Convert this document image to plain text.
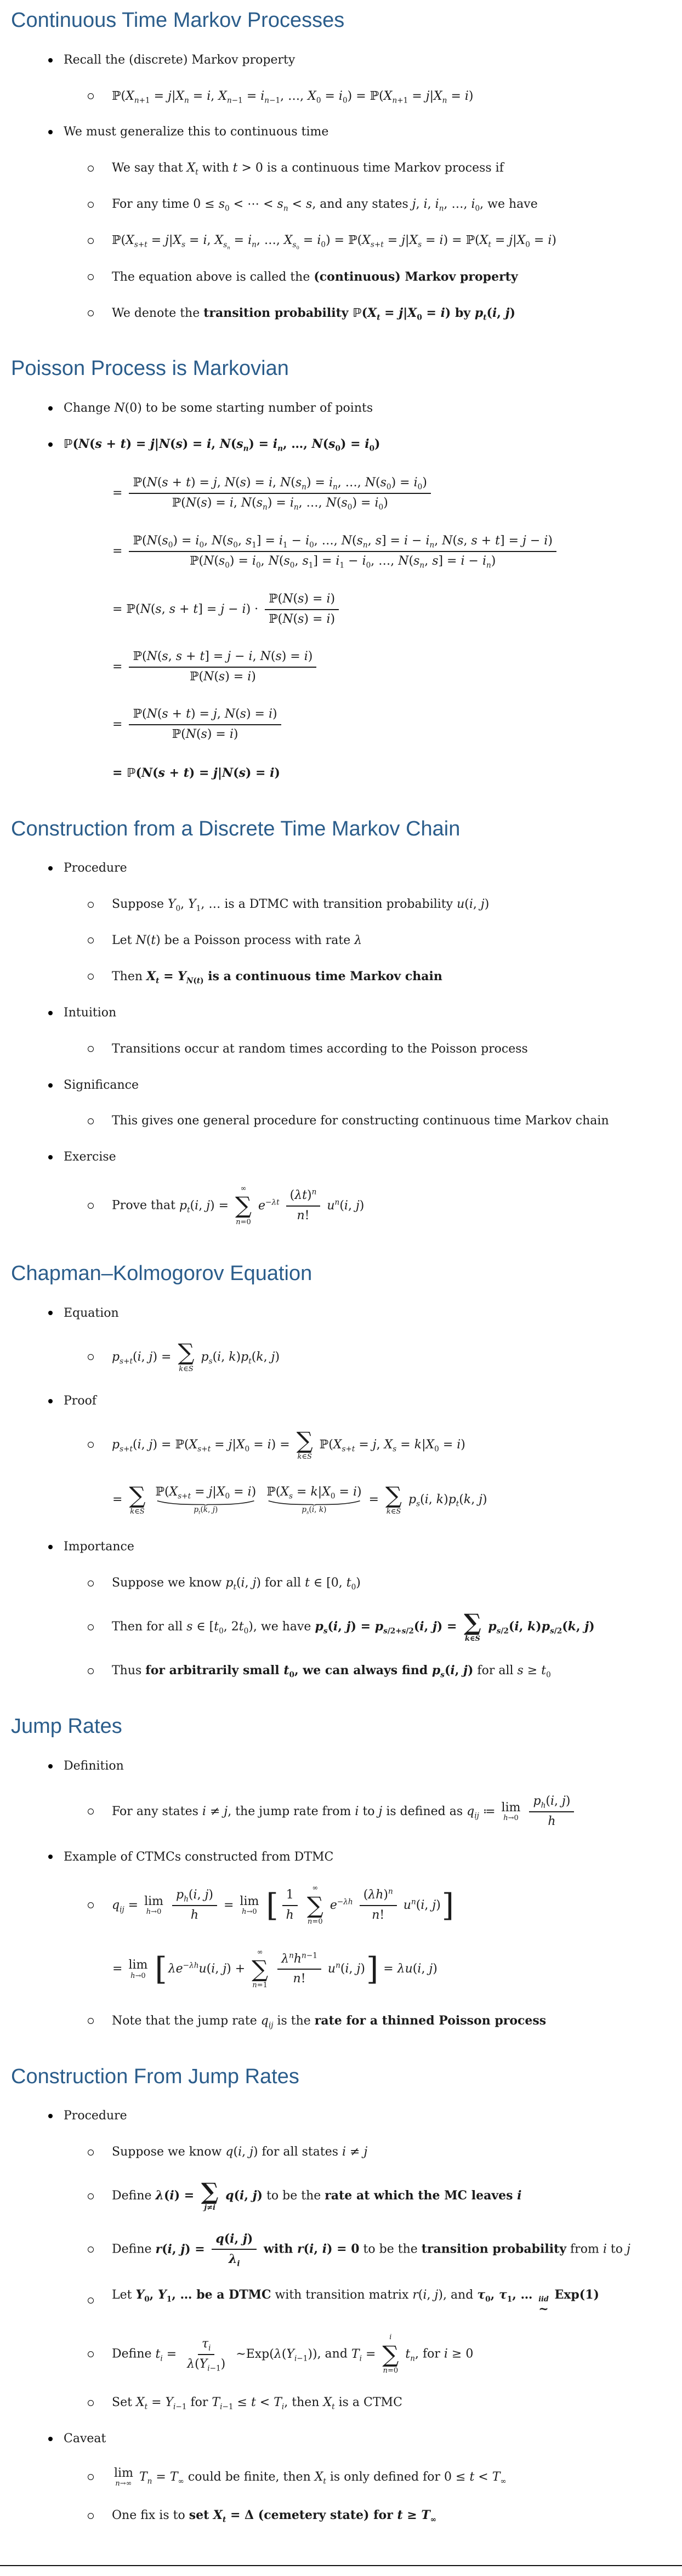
Continuous Time Markov Processes
Recall the (discrete) Markov property
$ℙ(X_{n+1} = j|X_n = i$, $X_{n-1} = i_{n-1}$, …, $X_0 = i_0$) = $ℙ(X_{n+1} = j|X_n = i)$
We must generalize this to continuous time
We say that $X_t$ with t > 0 is a continuous time Markov process if
For any time $0 \le s_0$ < ⋯ < $s_n < s$, and any states j, i, $i_n$, …, $i_0$, we have
$ℙ(X_{s+t} = j|X_s = i$, $X_{s_n} = i_n$, …, $X_{s_0} = i_0$) = $ℙ(X_{s+t} = j|X_s = i)$ = $ℙ(X_t = j|X_0 = i)$
The equation above is called the (continuous) Markov property
We denote the transition probability $ℙ(X_t = j|X_0 = i)$ by $p_t(i$, j)
Poisson Process is Markovian
Change N(0) to be some starting number of points
ℙ(N(s + t) = j|N(s) = i, $N(s_n) = i_n$, …, $N(s_0) = i_0$)
= $\frac{ℙ(N(s + t) = j, N(s) = i, N(s_n) = i_n, \dots, N(s_0) = i_0)}{ℙ(N(s) = i, N(s_n) = i_n, \dots, N(s_0) = i_0)}$
=
$ℙ(N(s_0) = i_0$, $N(s_0$, $s_1] = i_1 - i_0$, …, $N(s_n$, $s] = i - i_n$, N(s, s + t] = j − i)
$ℙ(N(s_0) = i_0$, $N(s_0$, $s_1] = i_1 - i_0$, …, $N(s_n$, $s] = i - i_n$)
= ℙ(N(s, $s + t] = j - i) \cdot \frac{\text{ℙ(N(s) = i)}}{\text{ℙ(N(s) = i)}}$
= $\frac{\text{ℙ(N(s, s + t] = j − i, N(s) = i)}}{\text{ℙ(N(s) = i)}}$
= $\frac{\text{ℙ(N(s + t) = j, N(s) = i)}}{\text{ℙ(N(s) = i)}}$
= ℙ(N(s + t) = j|N(s) = i)
Construction from a Discrete Time Markov Chain
Procedure
Suppose $Y_0$, $Y_1$, … is a DTMC with transition probability u(i, j)
Let N(t) be a Poisson process with rate λ
Then $X_t = Y_{N(t)}$ is a continuous time Markov chain
Intuition
Transitions occur at random times according to the Poisson process
Significance
This gives one general procedure for constructing continuous time Markov chain
Exercise
Prove that $p_t(i$, j) =
∞
∑
n=0
$e^{-\lambda t} \frac{(\lambda t)^n}{n!} u^n(i$, j)
Chapman–Kolmogorov Equation
Equation
$p_{s+t}(i$, j) = ∑
k∈S
$p_s(i$, $k)p_t(k$, j)
Proof
$p_{s+t}(i$, $j) = ℙ(X_{s+t} = j|X_0 = i)$ = ∑
k∈S
$ℙ(X_{s+t} = j$, $X_s = k|X_0 = i$)
= ∑
k∈S

$ℙ(X_{s+t} = j|X_0 = i)$
$p_t(k$, j)

$ℙ(X_s = k|X_0 = i)$
$p_s(i$, k)
= ∑
k∈S
$p_s(i$, $k)p_t(k$, j)
Importance
Suppose we know $p_t(i$, j) for all t ∈ [0, $t_0$)
Then for all s ∈ [$t_0$, $2t_0$), we have $p_s(i$, $j) = p_{s/2+s/2}(i$, j) = ∑
k∈S
$p_{s/2}(i$, $k)p_{s/2}(k$, j)
Thus for arbitrarily small $t_0$, we can always find $p_s(i$, j) for all $s \ge t_0$
Jump Rates
Definition
For any states i ≠ j, the jump rate from i to j is defined as $q_{ij}$ ≔ lim
h→0
$\frac{p_h(i, j)}{h}$
Example of CTMCs constructed from DTMC
$q_{ij} = \lim$
h→0
$\frac{p_h(i, j)}{h} = \lim$
h→0 [ $\frac{1}{h}$
∞
∑
n=0
$e^{-\lambda h} \frac{(\lambda h)^n}{n!} u^n(i$, j)]
= lim
h→0 [$\lambda e^{-\lambda h}u(i$, j) +
∞
∑
n=1
$\frac{\lambda^nh^{n-1}}{n!} u^n(i$, j)] = λu(i, j)
Note that the jump rate $q_{ij}$ is the rate for a thinned Poisson process
Construction From Jump Rates
Procedure
Suppose we know q(i, j) for all states i ≠ j
Define λ(i) = ∑
j≠i
q(i, j) to be the rate at which the MC leaves i
Define r(i, $j) = \frac{q(i, j)}{\lambda_i}$ with r(i, i) = 0 to be the transition probability from i to j
Let $Y_0$, $Y_1$, … be a DTMC with transition matrix r(i, j), and $\tau_0$, $\tau_1$, … iid
~
Exp(1)
Define $t_i = \frac{\tau_i}{\lambda(Y_{i-1})}$ $\sim Exp(\lambda(Y_{i-1}))$, and $T_i$ =
i
∑
n=0
$t_n$, for i ≥ 0
Set $X_t = Y_{i-1}$ for $T_{i-1} \le t < T_i$, then $X_t$ is a CTMC
Caveat
lim
n→∞ $T_n = T_\infty$ could be finite, then $X_t$ is only defined for $0 \le t < T_\infty$
One fix is to set $X_t = \Delta$ (cemetery state) for $t \ge T_\infty$
